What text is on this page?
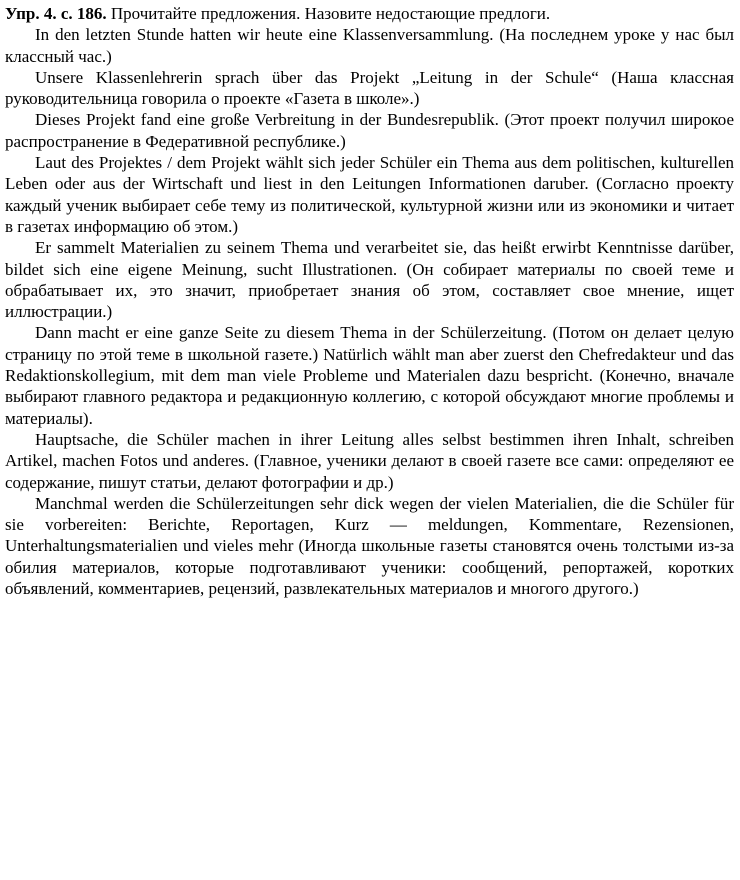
Упр. 4. с. 186. Прочитайте предложения. Назовите недостающие предлоги.

In den letzten Stunde hatten wir heute eine Klassenversammlung. (На последнем уроке у нас был классный час.)

Unsere Klassenlehrerin sprach über das Projekt „Leitung in der Schule“ (Наша классная руководительница говорила о проекте «Газета в школе».)

Dieses Projekt fand eine große Verbreitung in der Bundesrepublik. (Этот проект получил широкое распространение в Федеративной республике.)

Laut des Projektes / dem Projekt wählt sich jeder Schüler ein Thema aus dem politischen, kulturellen Leben oder aus der Wirtschaft und liest in den Leitungen Informationen daruber. (Согласно проекту каждый ученик выбирает себе тему из политической, культурной жизни или из экономики и читает в газетах информацию об этом.)

Er sammelt Materialien zu seinem Thema und verarbeitet sie, das heißt erwirbt Kenntnisse darüber, bildet sich eine eigene Meinung, sucht Illustrationen. (Он собирает материалы по своей теме и обрабатывает их, это значит, приобретает знания об этом, составляет свое мнение, ищет иллюстрации.)

Dann macht er eine ganze Seite zu diesem Thema in der Schülerzeitung. (Потом он делает целую страницу по этой теме в школьной газете.) Natürlich wählt man aber zuerst den Chefredakteur und das Redaktionskollegium, mit dem man viele Probleme und Materialen dazu bespricht. (Конечно, вначале выбирают главного редактора и редакционную коллегию, с которой обсуждают многие проблемы и материалы).

Hauptsache, die Schüler machen in ihrer Leitung alles selbst bestimmen ihren Inhalt, schreiben Artikel, machen Fotos und anderes. (Главное, ученики делают в своей газете все сами: определяют ее содержание, пишут статьи, делают фотографии и др.)

Manchmal werden die Schülerzeitungen sehr dick wegen der vielen Materialien, die die Schüler für sie vorbereiten: Berichte, Reportagen, Kurz — meldungen, Kommentare, Rezensionen, Unterhaltungsmaterialien und vieles mehr (Иногда школьные газеты становятся очень толстыми из-за обилия материалов, которые подготавливают ученики: сообщений, репортажей, коротких объявлений, комментариев, рецензий, развлекательных материалов и многого другого.)
